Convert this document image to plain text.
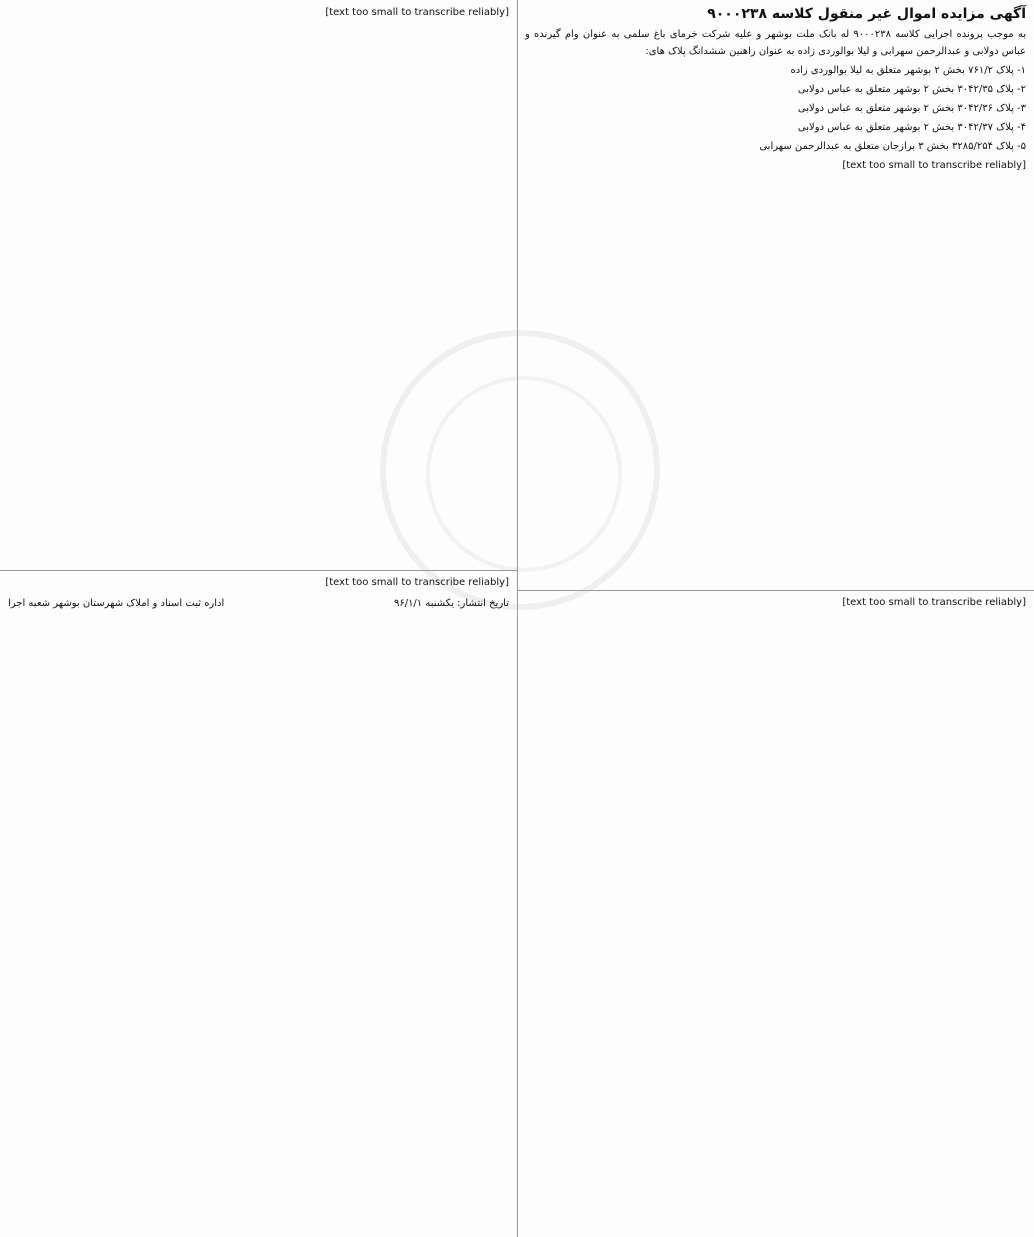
آگهی مزایده اموال غیر منقول کلاسه ۹۰۰۰۲۳۸

به موجب پرونده اجرایی کلاسه ۹۰۰۰۲۳۸ له بانک ملت بوشهر و علیه شرکت خرمای باغ سلمی به عنوان وام گیرنده و عباس دولابی و عبدالرحمن سهرابی و لیلا بوالوردی زاده به عنوان راهنین ششدانگ پلاک های:

۱- پلاک ۷۶۱/۲ بخش ۲ بوشهر متعلق به لیلا بوالوردی زاده

۲- پلاک ۳۰۴۲/۳۵ بخش ۲ بوشهر متعلق به عباس دولابی

۳- پلاک ۳۰۴۲/۳۶ بخش ۲ بوشهر متعلق به عباس دولابی

۴- پلاک ۳۰۴۲/۳۷ بخش ۲ بوشهر متعلق به عباس دولابی

۵- پلاک ۳۲۸۵/۲۵۴ بخش ۳ برازجان متعلق به عبدالرحمن سهرابی

[text too small to transcribe reliably]

[text too small to transcribe reliably]

[text too small to transcribe reliably]

[text too small to transcribe reliably]

تاریخ انتشار: یکشنبه ۹۶/۱/۱
اداره ثبت اسناد و املاک شهرستان بوشهر شعبه اجرا
